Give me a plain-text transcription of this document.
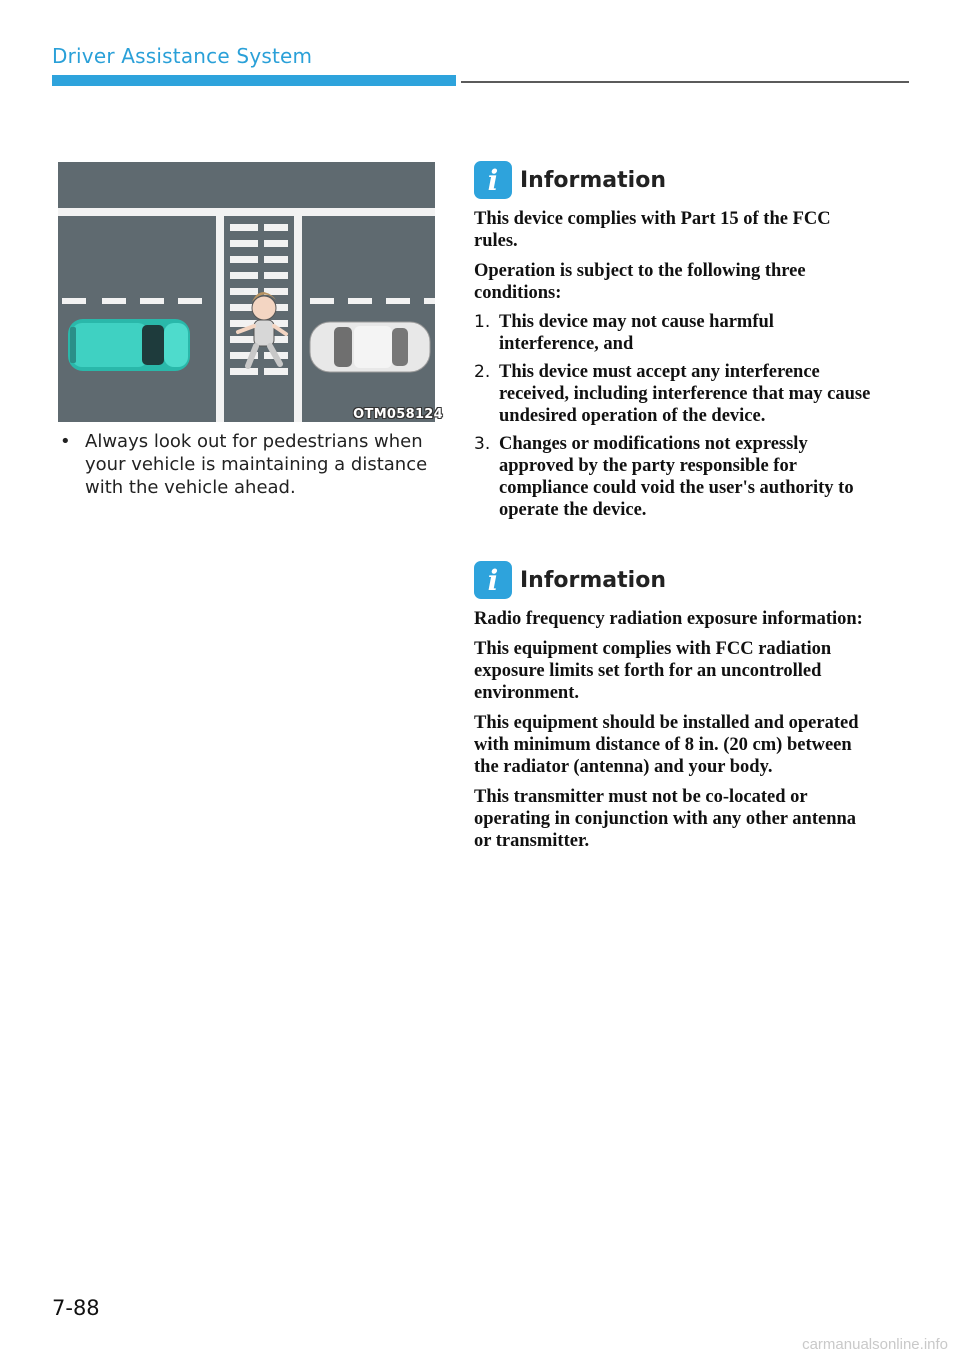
Driver Assistance System
OTM058124
• Always look out for pedestrians when your vehicle is maintaining a distance with the vehicle ahead.
i Information
This device complies with Part 15 of the FCC rules.
Operation is subject to the following three conditions:
1. This device may not cause harmful interference, and
2. This device must accept any interference received, including interference that may cause undesired operation of the device.
3. Changes or modifications not expressly approved by the party responsible for compliance could void the user's authority to operate the device.
i Information
Radio frequency radiation exposure information:
This equipment complies with FCC radiation exposure limits set forth for an uncontrolled environment.
This equipment should be installed and operated with minimum distance of 8 in. (20 cm) between the radiator (antenna) and your body.
This transmitter must not be co-located or operating in conjunction with any other antenna or transmitter.
7-88
carmanualsonline.info
